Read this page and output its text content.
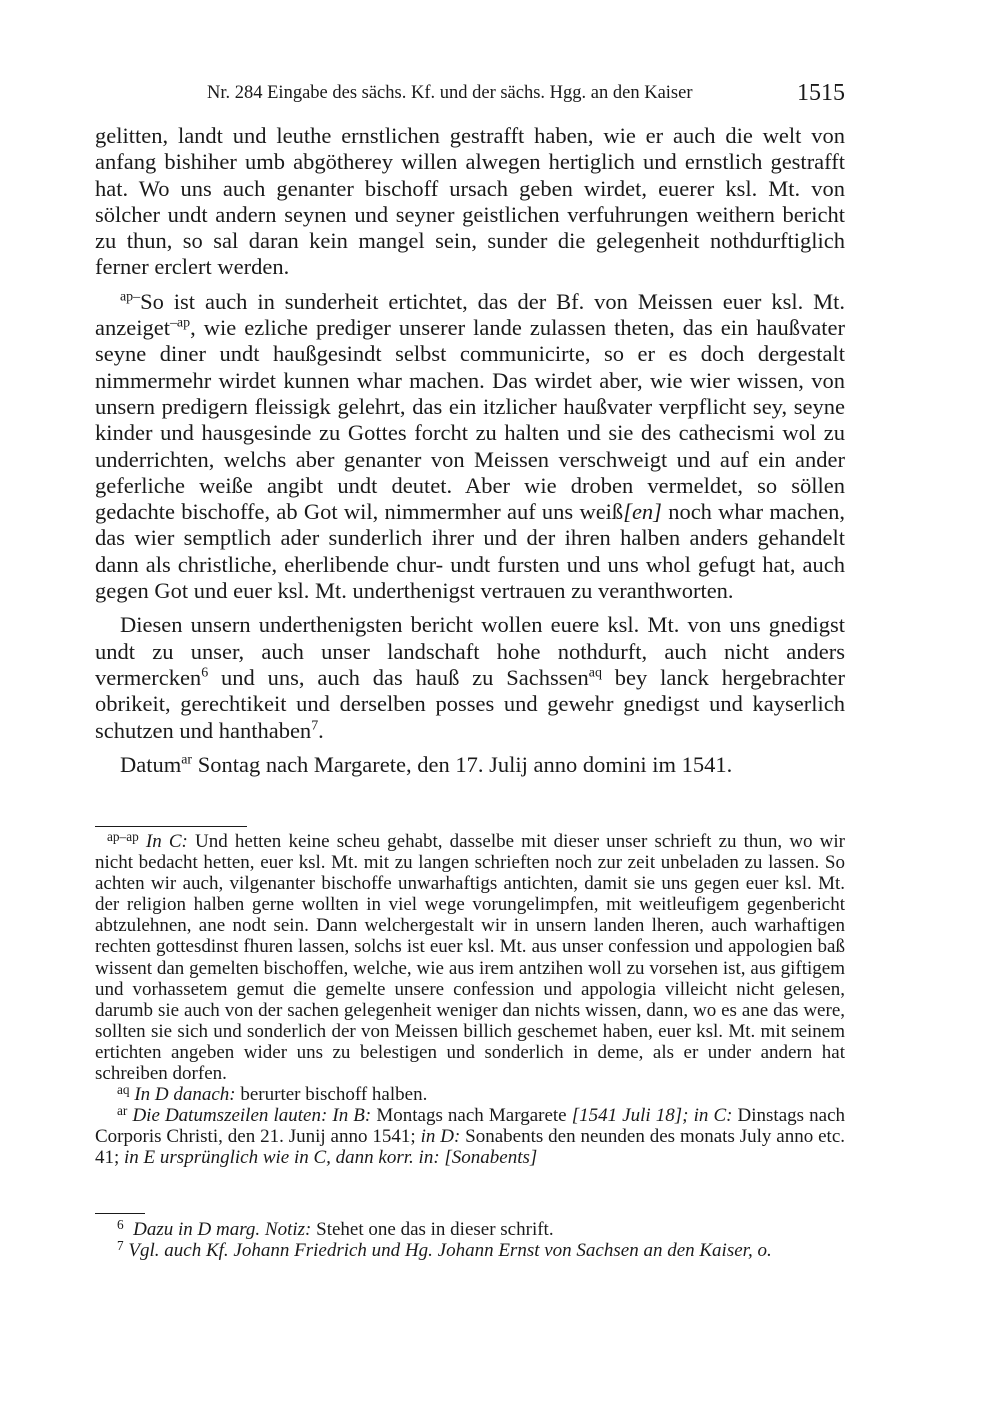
Nr. 284 Eingabe des sächs. Kf. und der sächs. Hgg. an den Kaiser	1515

gelitten, landt und leuthe ernstlichen gestrafft haben, wie er auch die welt von anfang bishiher umb abgötherey willen alwegen hertiglich und ernstlich gestrafft hat. Wo uns auch genanter bischoff ursach geben wirdet, euerer ksl. Mt. von sölcher undt andern seynen und seyner geistlichen verfuhrungen weithern bericht zu thun, so sal daran kein mangel sein, sunder die gelegenheit nothdurftiglich ferner erclert werden.

$^{ap-}$So ist auch in sunderheit ertichtet, das der Bf. von Meissen euer ksl. Mt. anzeiget$^{-ap}$, wie ezliche prediger unserer lande zulassen theten, das ein haußvater seyne diner undt haußgesindt selbst communicirte, so er es doch dergestalt nimmermehr wirdet kunnen whar machen. Das wirdet aber, wie wier wissen, von unsern predigern fleissigk gelehrt, das ein itzlicher haußvater verpflicht sey, seyne kinder und hausgesinde zu Gottes forcht zu halten und sie des cathecismi wol zu underrichten, welchs aber genanter von Meissen verschweigt und auf ein ander geferliche weiße angibt undt deutet. Aber wie droben vermeldet, so söllen gedachte bischoffe, ab Got wil, nimmermher auf uns weiß[en] noch whar machen, das wier semptlich ader sunderlich ihrer und der ihren halben anders gehandelt dann als christliche, eherlibende chur- undt fursten und uns whol gefugt hat, auch gegen Got und euer ksl. Mt. underthenigst vertrauen zu veranthworten.

Diesen unsern underthenigsten bericht wollen euere ksl. Mt. von uns gnedigst undt zu unser, auch unser landschaft hohe nothdurft, auch nicht anders vermercken$^6$ und uns, auch das hauß zu Sachssen$^{aq}$ bey lanck hergebrachter obrikeit, gerechtikeit und derselben posses und gewehr gnedigst und kayserlich schutzen und hanthaben$^7$.

Datum$^{ar}$ Sontag nach Margarete, den 17. Julij anno domini im 1541.

$^{ap-ap}$ In C: Und hetten keine scheu gehabt, dasselbe mit dieser unser schrieft zu thun, wo wir nicht bedacht hetten, euer ksl. Mt. mit zu langen schrieften noch zur zeit unbeladen zu lassen. So achten wir auch, vilgenanter bischoffe unwarhaftigs antichten, damit sie uns gegen euer ksl. Mt. der religion halben gerne wollten in viel wege vorungelimpfen, mit weitleufigem gegenbericht abtzulehnen, ane nodt sein. Dann welchergestalt wir in unsern landen lheren, auch warhaftigen rechten gottesdinst fhuren lassen, solchs ist euer ksl. Mt. aus unser confession und appologien baß wissent dan gemelten bischoffen, welche, wie aus irem antzihen woll zu vorsehen ist, aus giftigem und vorhassetem gemut die gemelte unsere confession und appologia villeicht nicht gelesen, darumb sie auch von der sachen gelegenheit weniger dan nichts wissen, dann, wo es ane das were, sollten sie sich und sonderlich der von Meissen billich geschemet haben, euer ksl. Mt. mit seinem ertichten angeben wider uns zu belestigen und sonderlich in deme, als er under andern hat schreiben dorfen.

$^{aq}$ In D danach: berurter bischoff halben.

$^{ar}$ Die Datumszeilen lauten: In B: Montags nach Margarete [1541 Juli 18]; in C: Dinstags nach Corporis Christi, den 21. Junij anno 1541; in D: Sonabents den neunden des monats July anno etc. 41; in E ursprünglich wie in C, dann korr. in: [Sonabents]

$^6$ Dazu in D marg. Notiz: Stehet one das in dieser schrift.

$^7$ Vgl. auch Kf. Johann Friedrich und Hg. Johann Ernst von Sachsen an den Kaiser, o.
